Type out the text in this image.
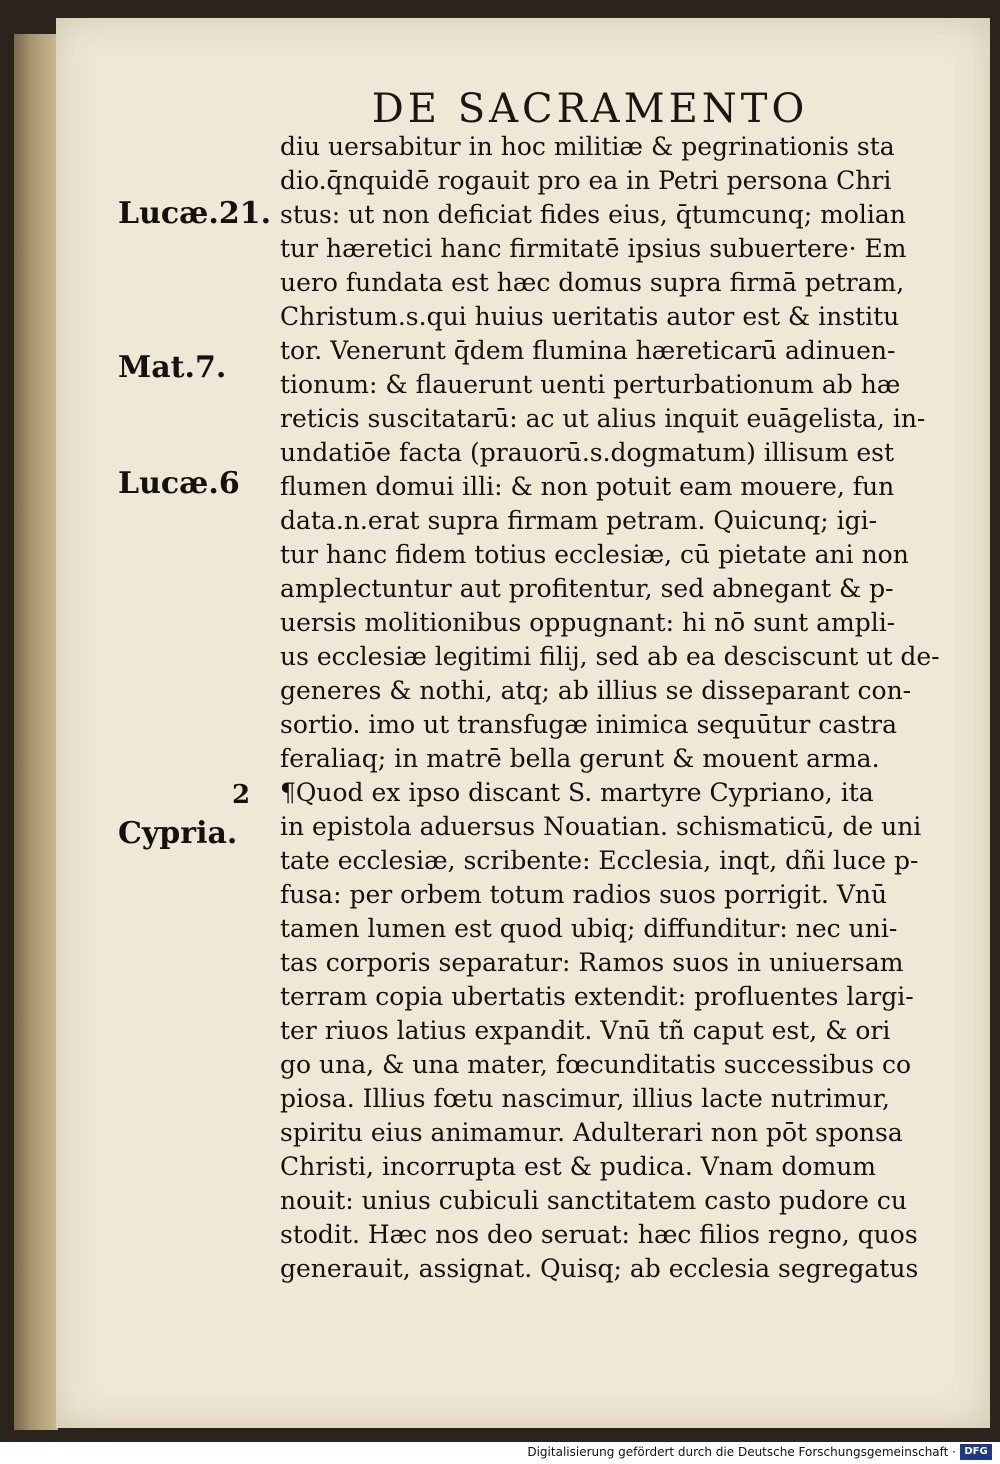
DE SACRAMENTO
Lucæ.21.
Mat.7.
Lucæ.6
2
Cypria.
diu uersabitur in hoc militiæ & pegrinationis sta
dio.q̄nquidē rogauit pro ea in Petri persona Chri
stus: ut non deficiat fides eius, q̄tumcunq; molian
tur hæretici hanc firmitatē ipsius subuertere· Em
uero fundata est hæc domus supra firmā petram,
Christum.s.qui huius ueritatis autor est & institu
tor. Venerunt q̄dem flumina hæreticarū adinuen-
tionum: & flauerunt uenti perturbationum ab hæ
reticis suscitatarū: ac ut alius inquit euāgelista, in-
undatiōe facta (prauorū.s.dogmatum) illisum est
flumen domui illi: & non potuit eam mouere, fun
data.n.erat supra firmam petram. Quicunq; igi-
tur hanc fidem totius ecclesiæ, cū pietate ani non
amplectuntur aut profitentur, sed abnegant & p-
uersis molitionibus oppugnant: hi nō sunt ampli-
us ecclesiæ legitimi filij, sed ab ea desciscunt ut de-
generes & nothi, atq; ab illius se disseparant con-
sortio. imo ut transfugæ inimica sequūtur castra
feraliaq; in matrē bella gerunt & mouent arma.
¶Quod ex ipso discant S. martyre Cypriano, ita
in epistola aduersus Nouatian. schismaticū, de uni
tate ecclesiæ, scribente: Ecclesia, inqt, dñi luce p-
fusa: per orbem totum radios suos porrigit. Vnū
tamen lumen est quod ubiq; diffunditur: nec uni-
tas corporis separatur: Ramos suos in uniuersam
terram copia ubertatis extendit: profluentes largi-
ter riuos latius expandit. Vnū tñ caput est, & ori
go una, & una mater, fœcunditatis successibus co
piosa. Illius fœtu nascimur, illius lacte nutrimur,
spiritu eius animamur. Adulterari non pōt sponsa
Christi, incorrupta est & pudica. Vnam domum
nouit: unius cubiculi sanctitatem casto pudore cu
stodit. Hæc nos deo seruat: hæc filios regno, quos
generauit, assignat. Quisq; ab ecclesia segregatus
Digitalisierung gefördert durch die Deutsche Forschungsgemeinschaft · DFG
